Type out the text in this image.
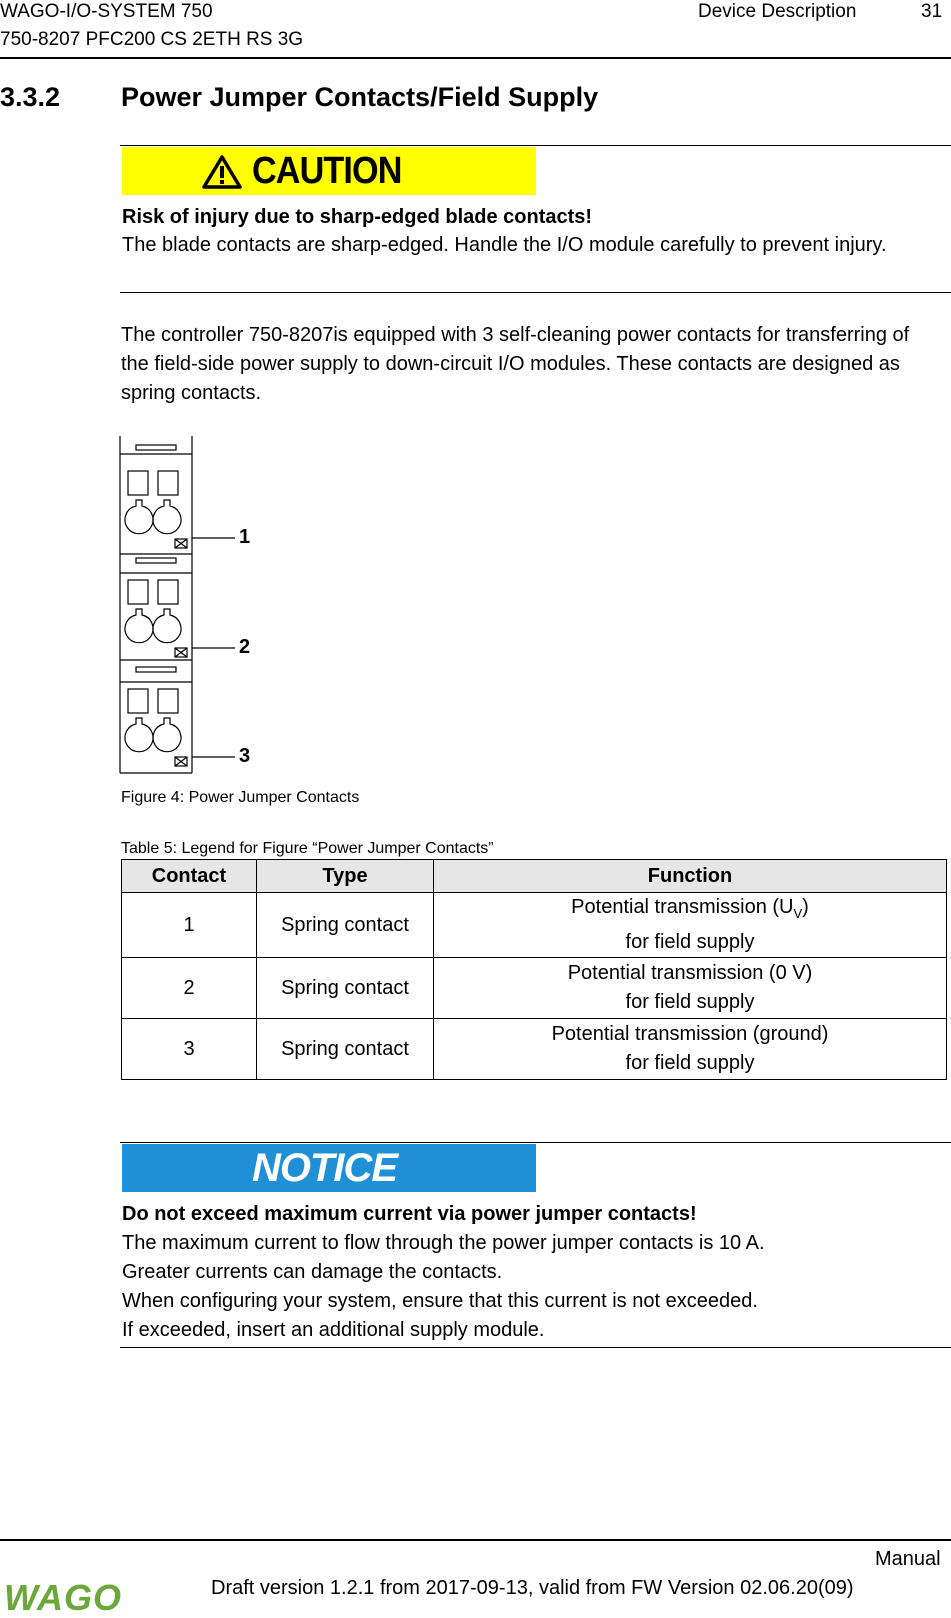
WAGO-I/O-SYSTEM 750
750-8207 PFC200 CS 2ETH RS 3G
Device Description	31
3.3.2 Power Jumper Contacts/Field Supply
CAUTION
Risk of injury due to sharp-edged blade contacts!
The blade contacts are sharp-edged. Handle the I/O module carefully to prevent injury.
The controller 750-8207is equipped with 3 self-cleaning power contacts for transferring of the field-side power supply to down-circuit I/O modules. These contacts are designed as spring contacts.
1
2
3
Figure 4: Power Jumper Contacts
Table 5: Legend for Figure “Power Jumper Contacts”
Contact	Type	Function
1	Spring contact	Potential transmission $(U_V)$
for field supply

2	Spring contact	Potential transmission (0 V)
for field supply

3	Spring contact	Potential transmission (ground)
for field supply
NOTICE
Do not exceed maximum current via power jumper contacts!
The maximum current to flow through the power jumper contacts is 10 A.
Greater currents can damage the contacts.
When configuring your system, ensure that this current is not exceeded.
If exceeded, insert an additional supply module.
Manual
Draft version 1.2.1 from 2017-09-13, valid from FW Version 02.06.20(09)
WAGO
